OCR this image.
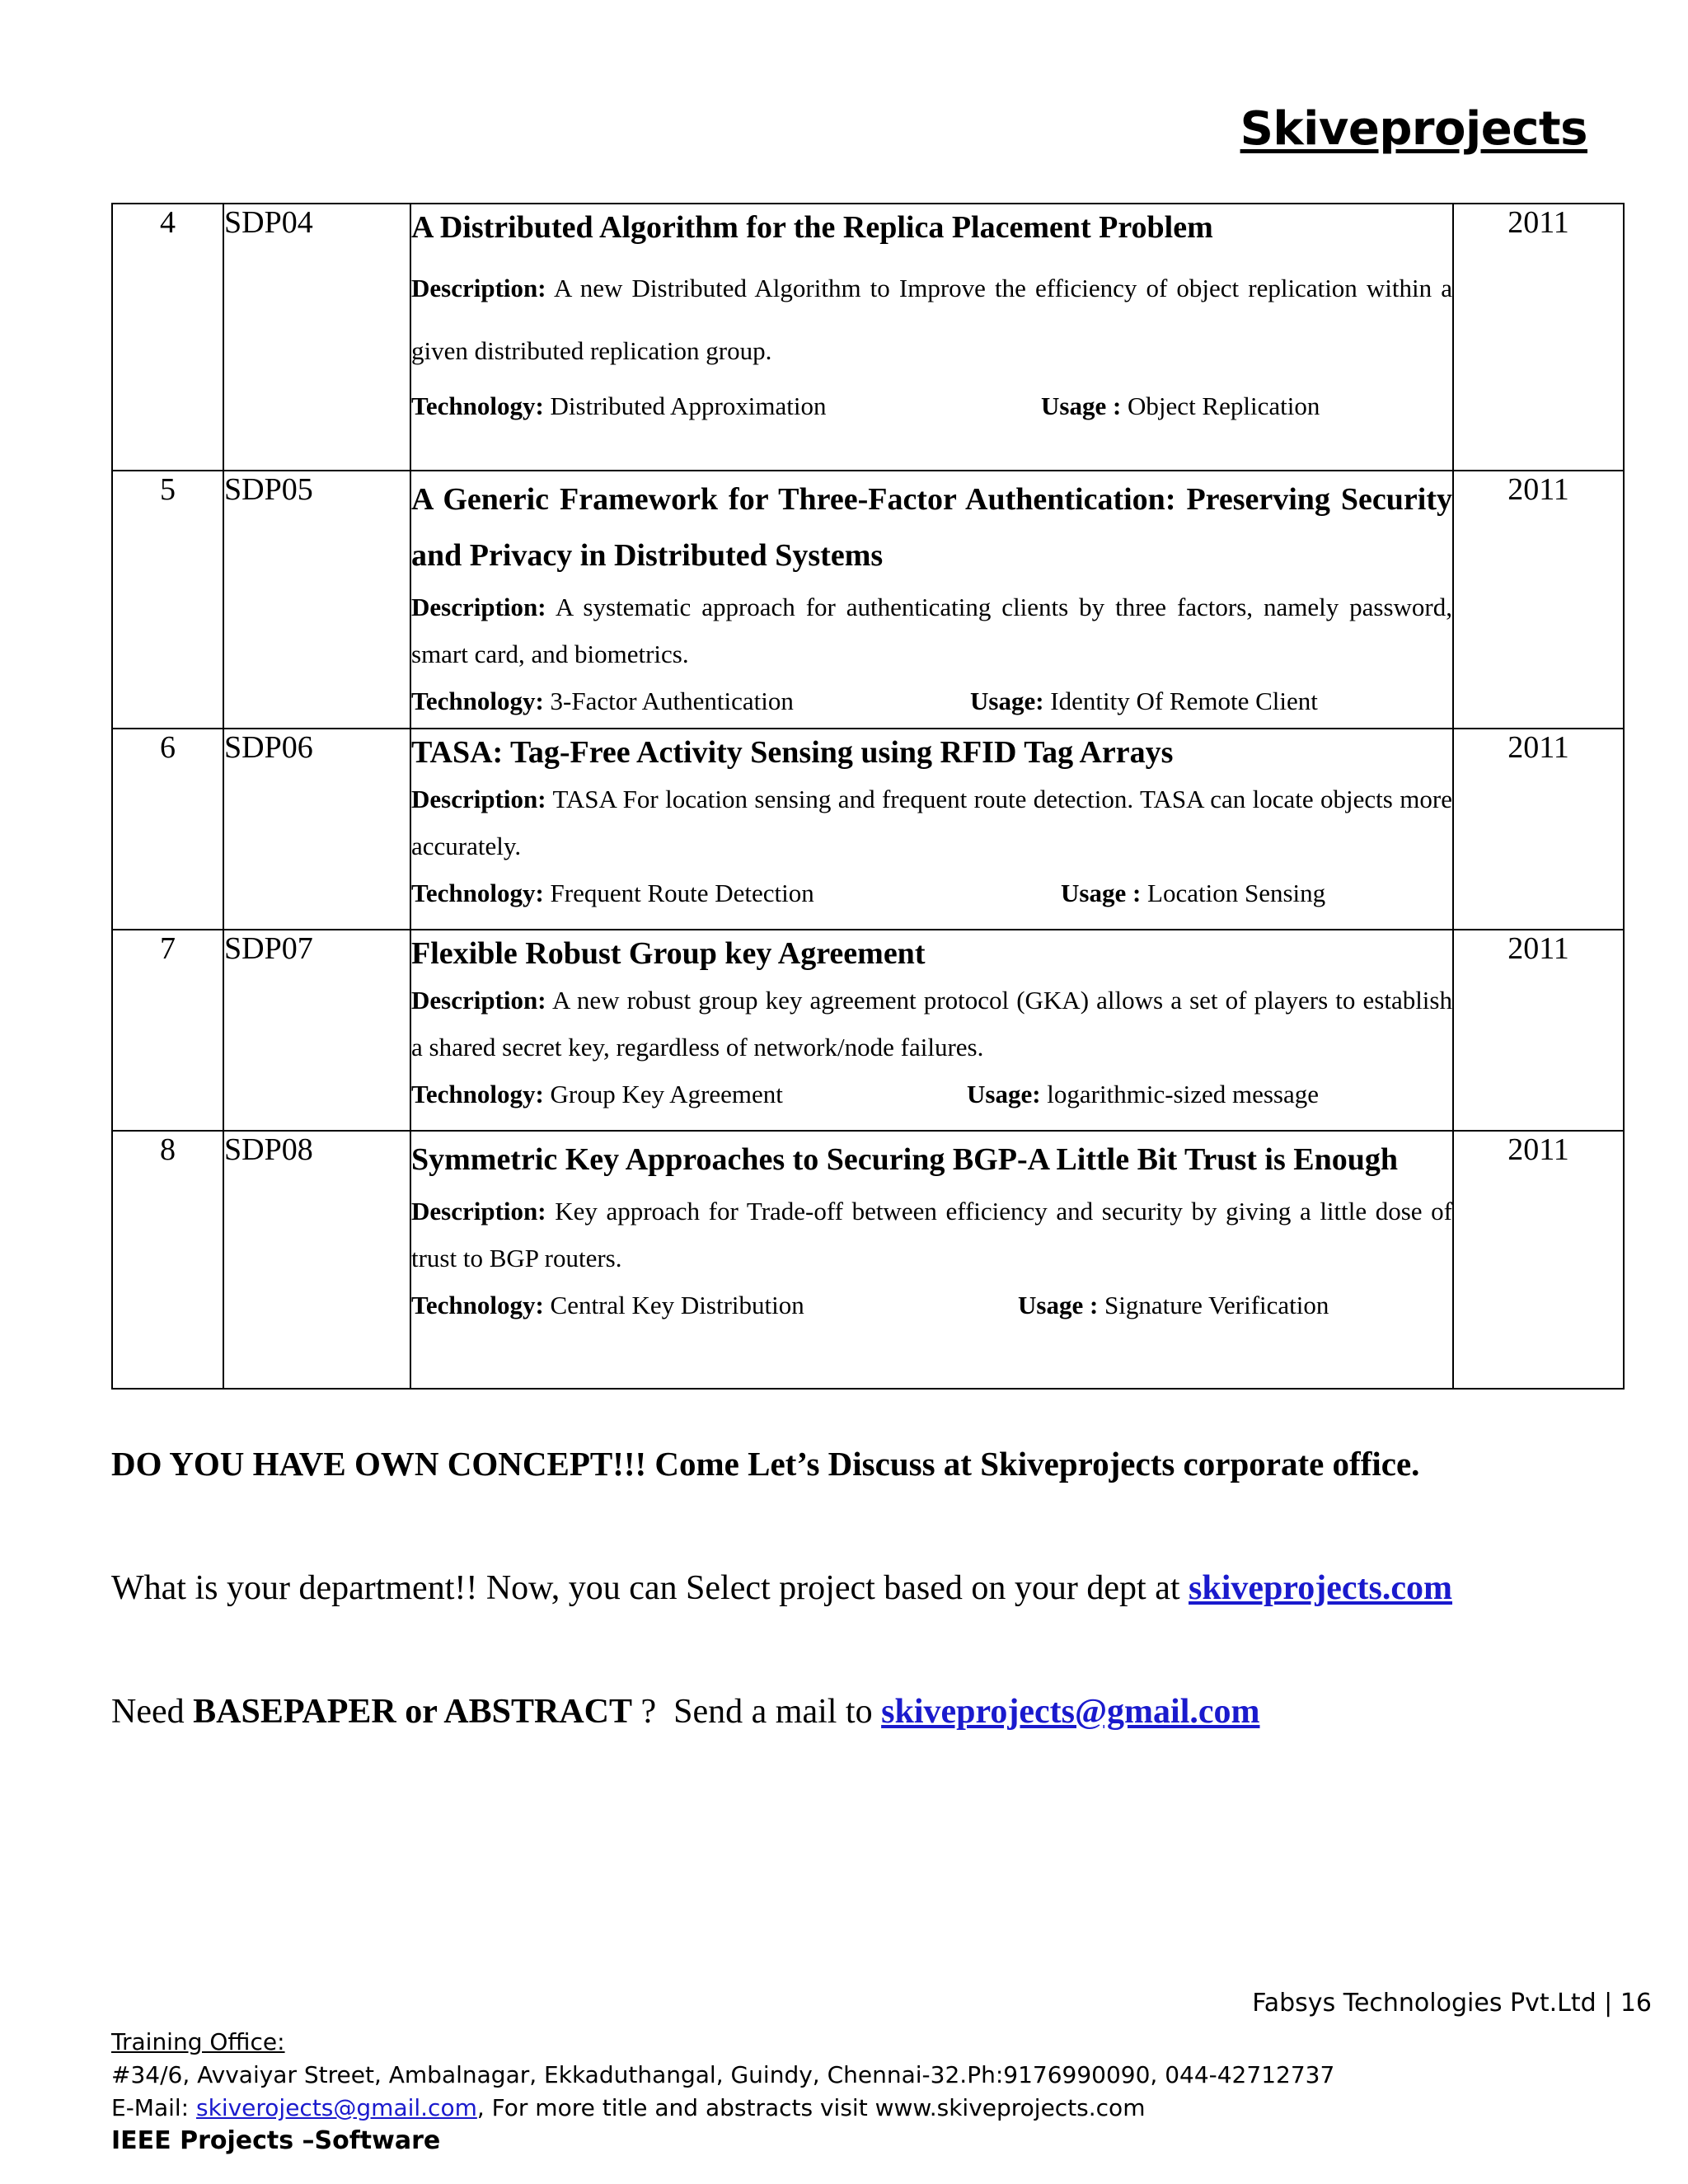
Skiveprojects
4	SDP04	A Distributed Algorithm for the Replica Placement Problem
Description: A new Distributed Algorithm to Improve the efficiency of object replication within a given distributed replication group.
Technology: Distributed Approximation Usage : Object Replication	2011
5	SDP05	A Generic Framework for Three-Factor Authentication: Preserving Security and Privacy in Distributed Systems
Description: A systematic approach for authenticating clients by three factors, namely password, smart card, and biometrics.
Technology: 3-Factor Authentication Usage: Identity Of Remote Client	2011
6	SDP06	TASA: Tag-Free Activity Sensing using RFID Tag Arrays
Description: TASA For location sensing and frequent route detection. TASA can locate objects more accurately.
Technology: Frequent Route Detection Usage : Location Sensing	2011
7	SDP07	Flexible Robust Group key Agreement
Description: A new robust group key agreement protocol (GKA) allows a set of players to establish a shared secret key, regardless of network/node failures.
Technology: Group Key Agreement Usage: logarithmic-sized message	2011
8	SDP08	Symmetric Key Approaches to Securing BGP-A Little Bit Trust is Enough
Description: Key approach for Trade-off between efficiency and security by giving a little dose of trust to BGP routers.
Technology: Central Key Distribution Usage : Signature Verification	2011
DO YOU HAVE OWN CONCEPT!!! Come Let’s Discuss at Skiveprojects corporate office.
What is your department!! Now, you can Select project based on your dept at skiveprojects.com
Need BASEPAPER or ABSTRACT ?  Send a mail to skiveprojects@gmail.com
Fabsys Technologies Pvt.Ltd | 16
Training Office:
#34/6, Avvaiyar Street, Ambalnagar, Ekkaduthangal, Guindy, Chennai-32.Ph:9176990090, 044-42712737
E-Mail: skiverojects@gmail.com, For more title and abstracts visit www.skiveprojects.com
IEEE Projects –Software
